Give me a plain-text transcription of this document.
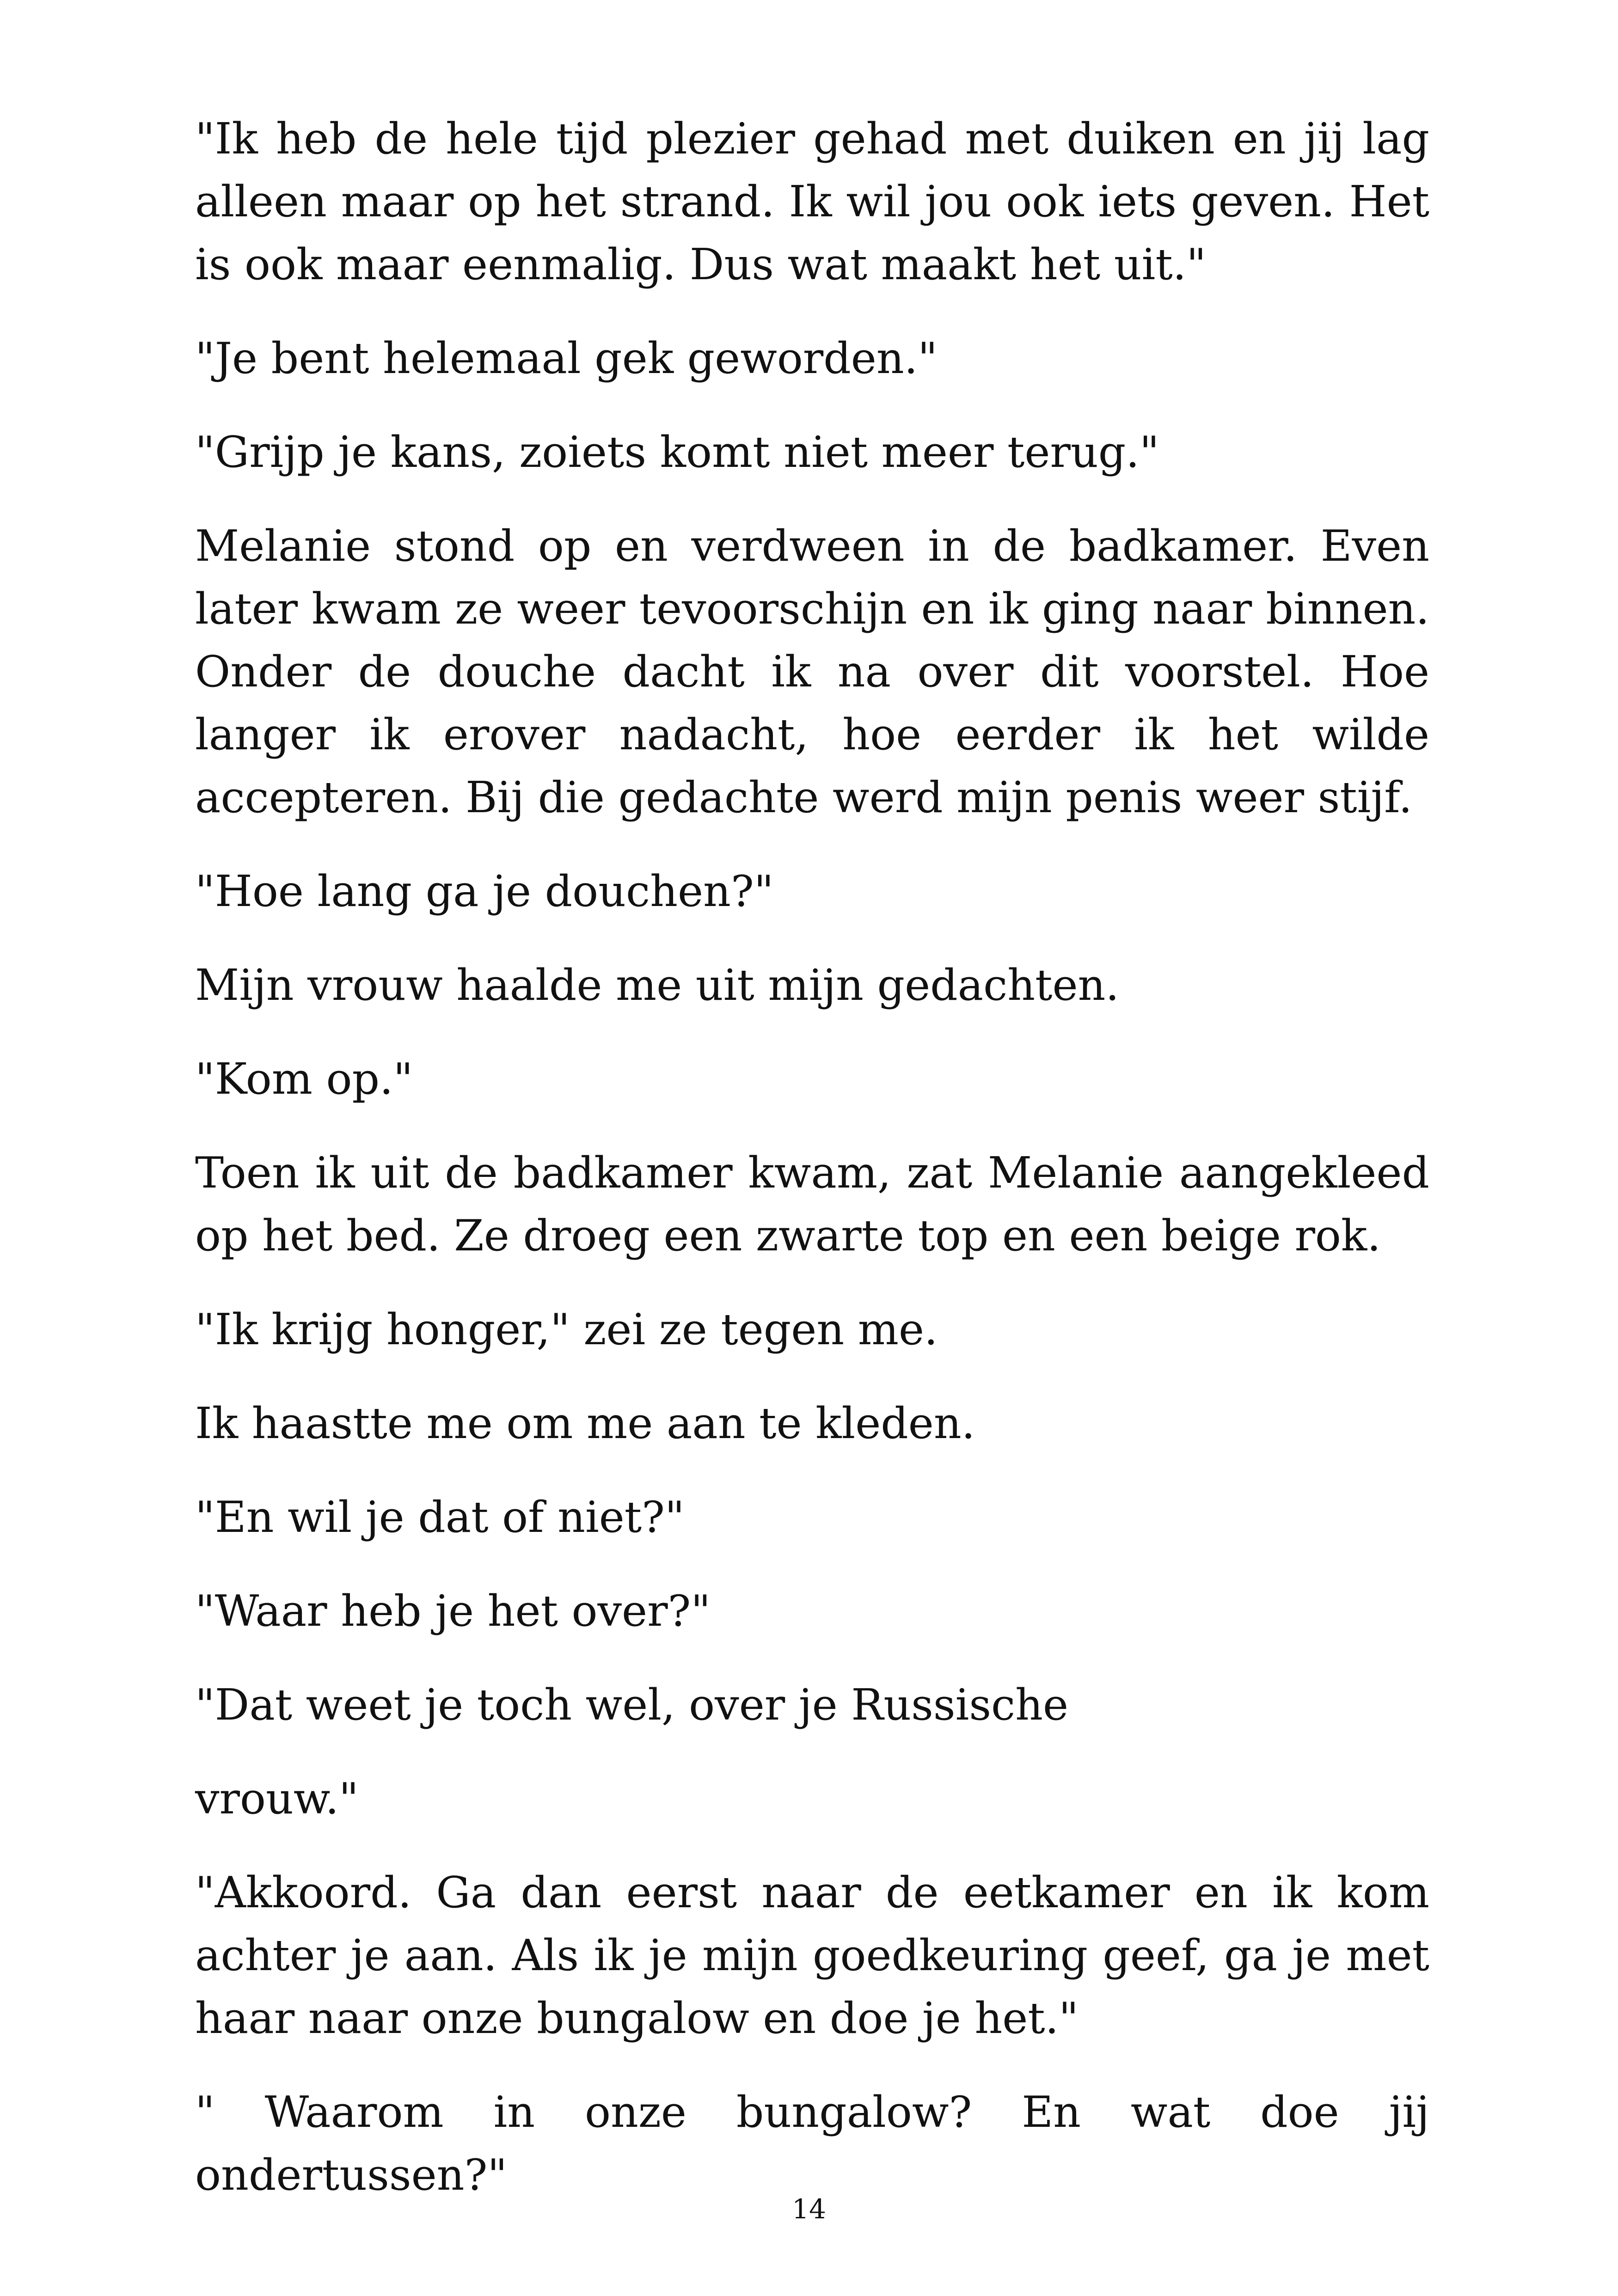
"Ik heb de hele tijd plezier gehad met duiken en jij lag alleen maar op het strand. Ik wil jou ook iets geven. Het is ook maar eenmalig. Dus wat maakt het uit."

"Je bent helemaal gek geworden."

"Grijp je kans, zoiets komt niet meer terug."

Melanie stond op en verdween in de badkamer. Even later kwam ze weer tevoorschijn en ik ging naar binnen. Onder de douche dacht ik na over dit voorstel. Hoe langer ik erover nadacht, hoe eerder ik het wilde accepteren. Bij die gedachte werd mijn penis weer stijf.

"Hoe lang ga je douchen?"

Mijn vrouw haalde me uit mijn gedachten.

"Kom op."

Toen ik uit de badkamer kwam, zat Melanie aangekleed op het bed. Ze droeg een zwarte top en een beige rok.

"Ik krijg honger," zei ze tegen me.

Ik haastte me om me aan te kleden.

"En wil je dat of niet?"

"Waar heb je het over?"

"Dat weet je toch wel, over je Russische

vrouw."

"Akkoord. Ga dan eerst naar de eetkamer en ik kom achter je aan. Als ik je mijn goedkeuring geef, ga je met haar naar onze bungalow en doe je het."

" Waarom in onze bungalow? En wat doe jij ondertussen?"

14
